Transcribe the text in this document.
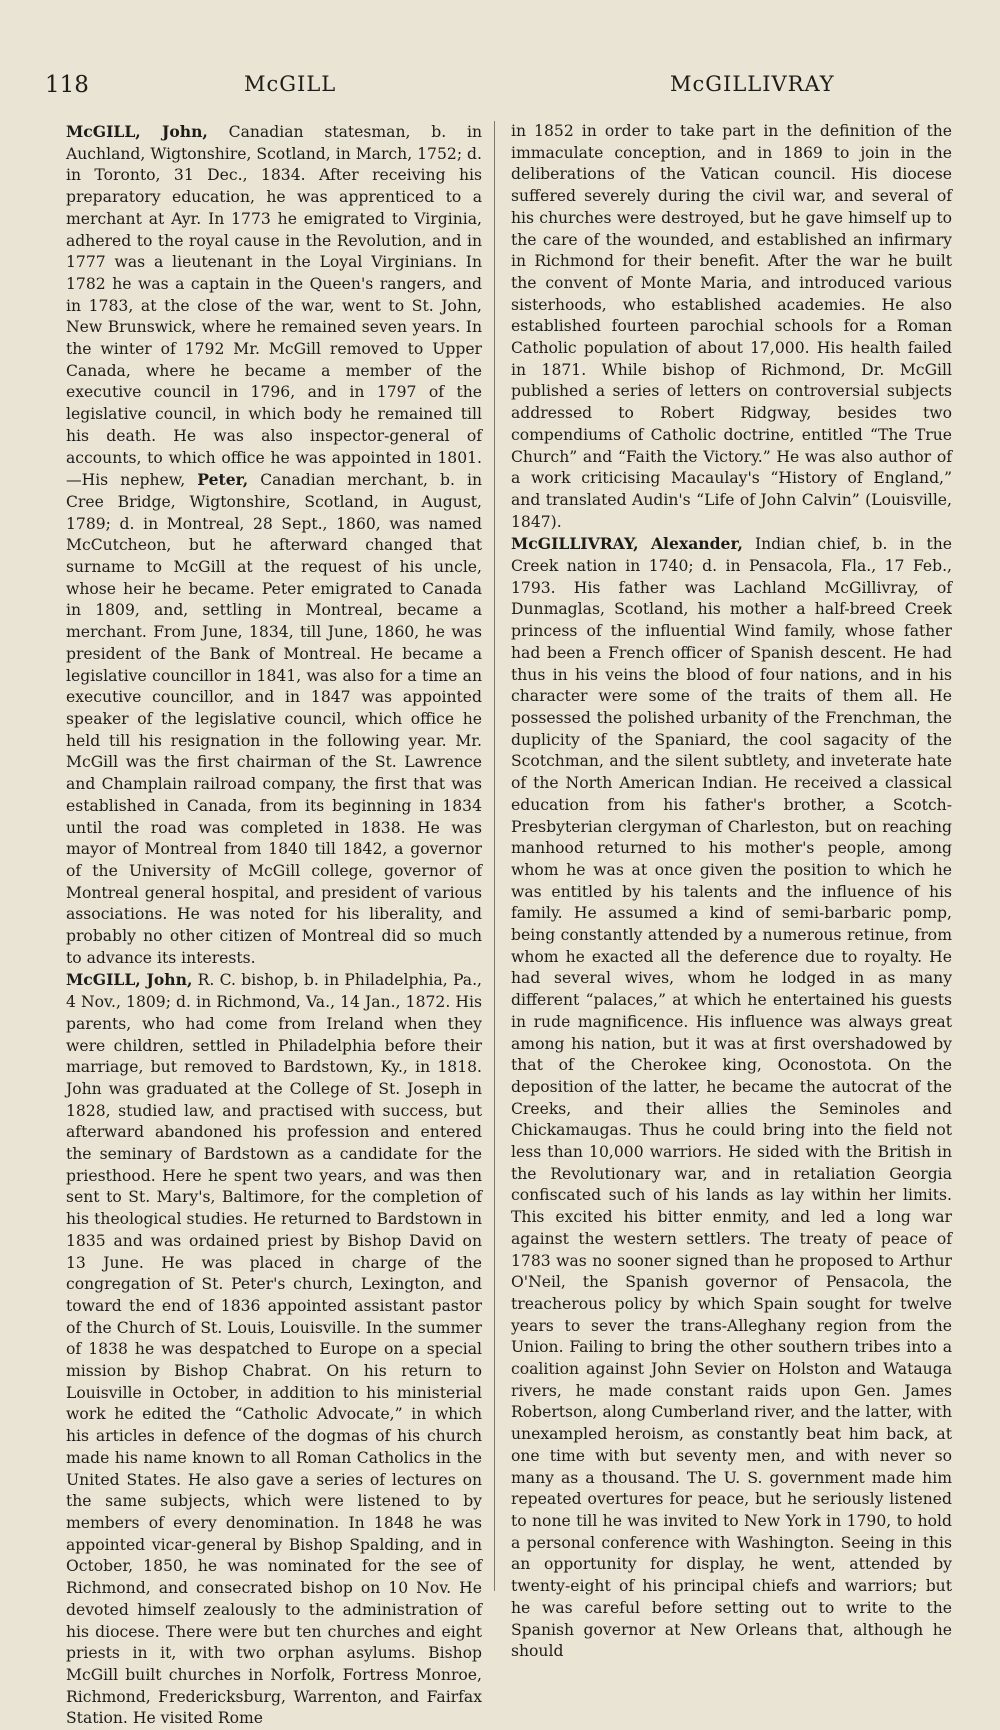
118	McGILL	McGILLIVRAY

McGILL, John, Canadian statesman, b. in Auchland, Wigtonshire, Scotland, in March, 1752; d. in Toronto, 31 Dec., 1834. After receiving his preparatory education, he was apprenticed to a merchant at Ayr. In 1773 he emigrated to Virginia, adhered to the royal cause in the Revolution, and in 1777 was a lieutenant in the Loyal Virginians. In 1782 he was a captain in the Queen's rangers, and in 1783, at the close of the war, went to St. John, New Brunswick, where he remained seven years. In the winter of 1792 Mr. McGill removed to Upper Canada, where he became a member of the executive council in 1796, and in 1797 of the legislative council, in which body he remained till his death. He was also inspector-general of accounts, to which office he was appointed in 1801. —His nephew, Peter, Canadian merchant, b. in Cree Bridge, Wigtonshire, Scotland, in August, 1789; d. in Montreal, 28 Sept., 1860, was named McCutcheon, but he afterward changed that surname to McGill at the request of his uncle, whose heir he became. Peter emigrated to Canada in 1809, and, settling in Montreal, became a merchant. From June, 1834, till June, 1860, he was president of the Bank of Montreal. He became a legislative councillor in 1841, was also for a time an executive councillor, and in 1847 was appointed speaker of the legislative council, which office he held till his resignation in the following year. Mr. McGill was the first chairman of the St. Lawrence and Champlain railroad company, the first that was established in Canada, from its beginning in 1834 until the road was completed in 1838. He was mayor of Montreal from 1840 till 1842, a governor of the University of McGill college, governor of Montreal general hospital, and president of various associations. He was noted for his liberality, and probably no other citizen of Montreal did so much to advance its interests.

McGILL, John, R. C. bishop, b. in Philadelphia, Pa., 4 Nov., 1809; d. in Richmond, Va., 14 Jan., 1872. His parents, who had come from Ireland when they were children, settled in Philadelphia before their marriage, but removed to Bardstown, Ky., in 1818. John was graduated at the College of St. Joseph in 1828, studied law, and practised with success, but afterward abandoned his profession and entered the seminary of Bardstown as a candidate for the priesthood. Here he spent two years, and was then sent to St. Mary's, Baltimore, for the completion of his theological studies. He returned to Bardstown in 1835 and was ordained priest by Bishop David on 13 June. He was placed in charge of the congregation of St. Peter's church, Lexington, and toward the end of 1836 appointed assistant pastor of the Church of St. Louis, Louisville. In the summer of 1838 he was despatched to Europe on a special mission by Bishop Chabrat. On his return to Louisville in October, in addition to his ministerial work he edited the “Catholic Advocate,” in which his articles in defence of the dogmas of his church made his name known to all Roman Catholics in the United States. He also gave a series of lectures on the same subjects, which were listened to by members of every denomination. In 1848 he was appointed vicar-general by Bishop Spalding, and in October, 1850, he was nominated for the see of Richmond, and consecrated bishop on 10 Nov. He devoted himself zealously to the administration of his diocese. There were but ten churches and eight priests in it, with two orphan asylums. Bishop McGill built churches in Norfolk, Fortress Monroe, Richmond, Fredericksburg, Warrenton, and Fairfax Station. He visited Rome

in 1852 in order to take part in the definition of the immaculate conception, and in 1869 to join in the deliberations of the Vatican council. His diocese suffered severely during the civil war, and several of his churches were destroyed, but he gave himself up to the care of the wounded, and established an infirmary in Richmond for their benefit. After the war he built the convent of Monte Maria, and introduced various sisterhoods, who established academies. He also established fourteen parochial schools for a Roman Catholic population of about 17,000. His health failed in 1871. While bishop of Richmond, Dr. McGill published a series of letters on controversial subjects addressed to Robert Ridgway, besides two compendiums of Catholic doctrine, entitled “The True Church” and “Faith the Victory.” He was also author of a work criticising Macaulay's “History of England,” and translated Audin's “Life of John Calvin” (Louisville, 1847).

McGILLIVRAY, Alexander, Indian chief, b. in the Creek nation in 1740; d. in Pensacola, Fla., 17 Feb., 1793. His father was Lachland McGillivray, of Dunmaglas, Scotland, his mother a half-breed Creek princess of the influential Wind family, whose father had been a French officer of Spanish descent. He had thus in his veins the blood of four nations, and in his character were some of the traits of them all. He possessed the polished urbanity of the Frenchman, the duplicity of the Spaniard, the cool sagacity of the Scotchman, and the silent subtlety, and inveterate hate of the North American Indian. He received a classical education from his father's brother, a Scotch-Presbyterian clergyman of Charleston, but on reaching manhood returned to his mother's people, among whom he was at once given the position to which he was entitled by his talents and the influence of his family. He assumed a kind of semi-barbaric pomp, being constantly attended by a numerous retinue, from whom he exacted all the deference due to royalty. He had several wives, whom he lodged in as many different “palaces,” at which he entertained his guests in rude magnificence. His influence was always great among his nation, but it was at first overshadowed by that of the Cherokee king, Oconostota. On the deposition of the latter, he became the autocrat of the Creeks, and their allies the Seminoles and Chickamaugas. Thus he could bring into the field not less than 10,000 warriors. He sided with the British in the Revolutionary war, and in retaliation Georgia confiscated such of his lands as lay within her limits. This excited his bitter enmity, and led a long war against the western settlers. The treaty of peace of 1783 was no sooner signed than he proposed to Arthur O'Neil, the Spanish governor of Pensacola, the treacherous policy by which Spain sought for twelve years to sever the trans-Alleghany region from the Union. Failing to bring the other southern tribes into a coalition against John Sevier on Holston and Watauga rivers, he made constant raids upon Gen. James Robertson, along Cumberland river, and the latter, with unexampled heroism, as constantly beat him back, at one time with but seventy men, and with never so many as a thousand. The U. S. government made him repeated overtures for peace, but he seriously listened to none till he was invited to New York in 1790, to hold a personal conference with Washington. Seeing in this an opportunity for display, he went, attended by twenty-eight of his principal chiefs and warriors; but he was careful before setting out to write to the Spanish governor at New Orleans that, although he should
